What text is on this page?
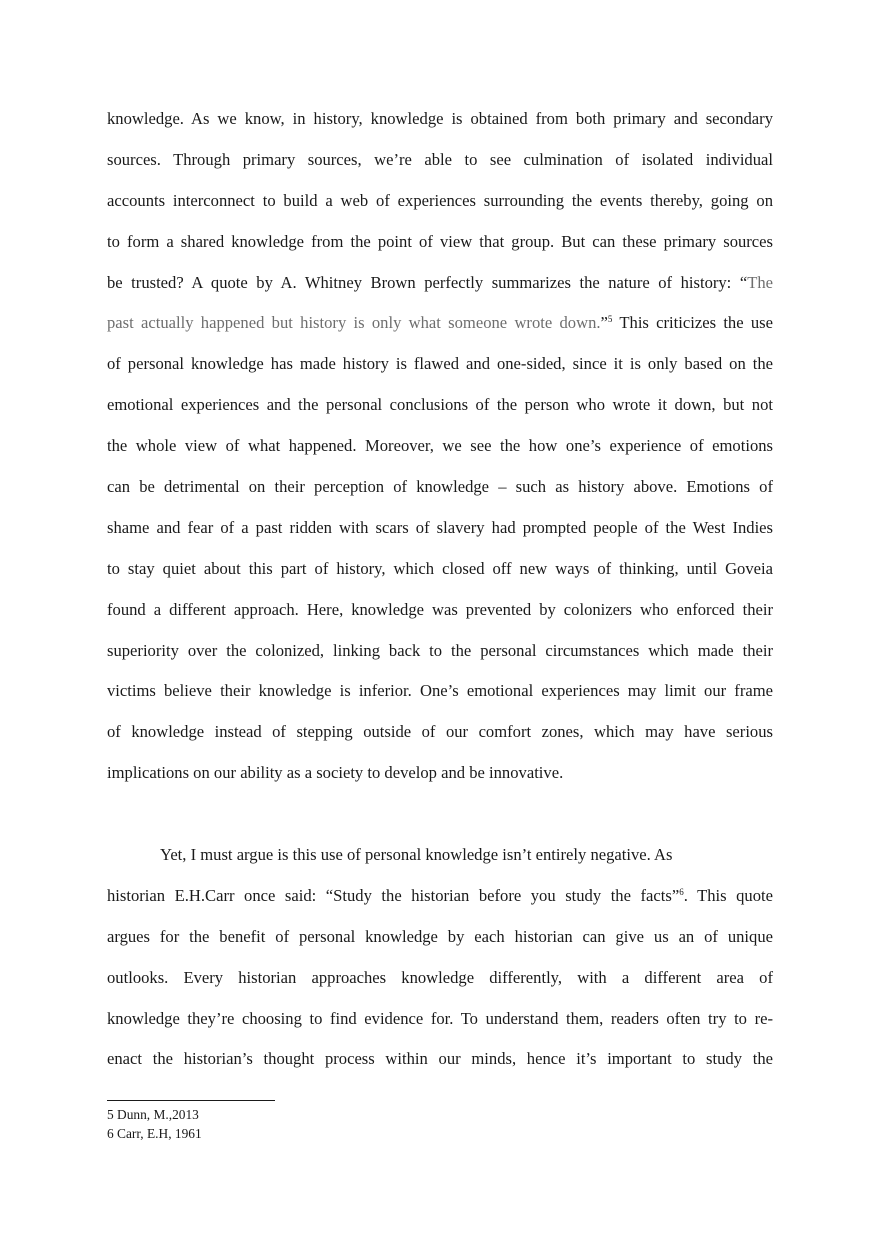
knowledge. As we know, in history, knowledge is obtained from both primary and secondary
sources. Through primary sources, we’re able to see culmination of isolated individual
accounts interconnect to build a web of experiences surrounding the events thereby, going on
to form a shared knowledge from the point of view that group. But can these primary sources
be trusted? A quote by A. Whitney Brown perfectly summarizes the nature of history: “The
past actually happened but history is only what someone wrote down.”$^5$ This criticizes the use
of personal knowledge has made history is flawed and one-sided, since it is only based on the
emotional experiences and the personal conclusions of the person who wrote it down, but not
the whole view of what happened. Moreover, we see the how one’s experience of emotions
can be detrimental on their perception of knowledge – such as history above. Emotions of
shame and fear of a past ridden with scars of slavery had prompted people of the West Indies
to stay quiet about this part of history, which closed off new ways of thinking, until Goveia
found a different approach. Here, knowledge was prevented by colonizers who enforced their
superiority over the colonized, linking back to the personal circumstances which made their
victims believe their knowledge is inferior. One’s emotional experiences may limit our frame
of knowledge instead of stepping outside of our comfort zones, which may have serious
implications on our ability as a society to develop and be innovative.
Yet, I must argue is this use of personal knowledge isn’t entirely negative. As
historian E.H.Carr once said: “Study the historian before you study the facts”$^6$. This quote
argues for the benefit of personal knowledge by each historian can give us an of unique
outlooks. Every historian approaches knowledge differently, with a different area of
knowledge they’re choosing to find evidence for. To understand them, readers often try to re-
enact the historian’s thought process within our minds, hence it’s important to study the
5 Dunn, M.,2013
6 Carr, E.H, 1961
